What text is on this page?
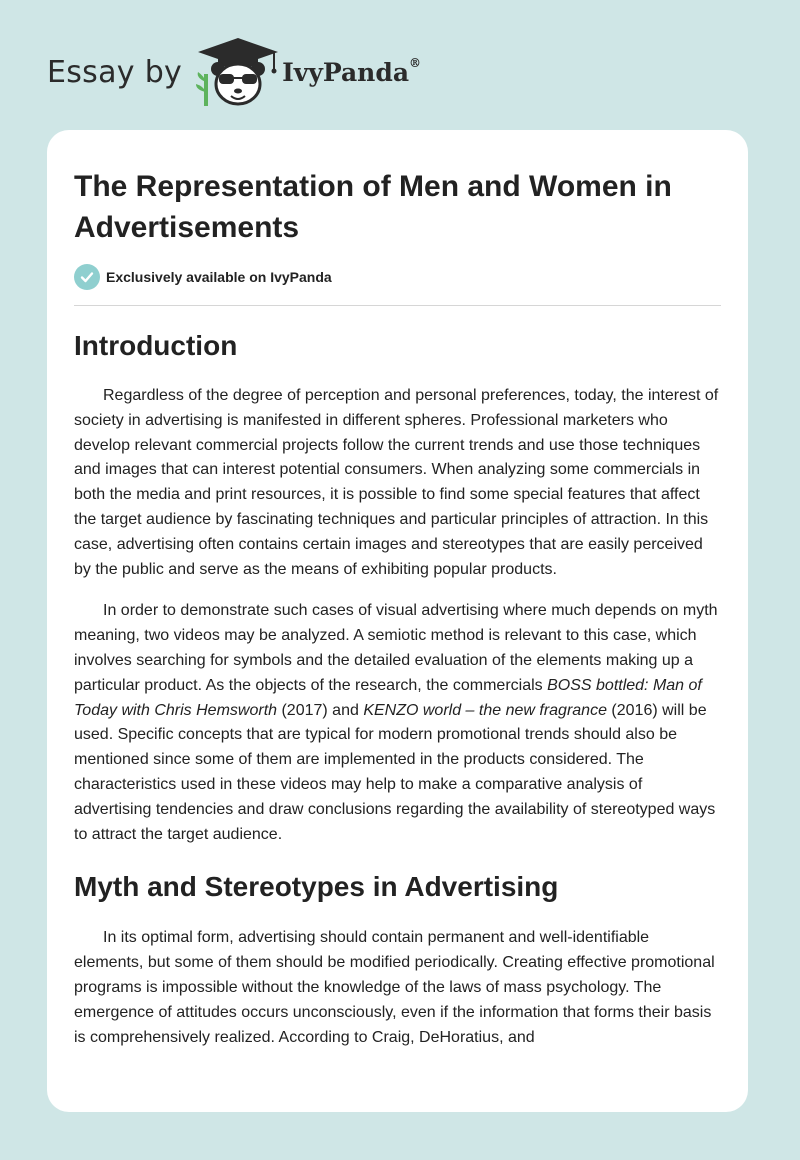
Essay by	IvyPanda®
The Representation of Men and Women in Advertisements
Exclusively available on IvyPanda
Introduction

Regardless of the degree of perception and personal preferences, today, the interest of society in advertising is manifested in different spheres. Professional marketers who develop relevant commercial projects follow the current trends and use those techniques and images that can interest potential consumers. When analyzing some commercials in both the media and print resources, it is possible to find some special features that affect the target audience by fascinating techniques and particular principles of attraction. In this case, advertising often contains certain images and stereotypes that are easily perceived by the public and serve as the means of exhibiting popular products.

In order to demonstrate such cases of visual advertising where much depends on myth meaning, two videos may be analyzed. A semiotic method is relevant to this case, which involves searching for symbols and the detailed evaluation of the elements making up a particular product. As the objects of the research, the commercials BOSS bottled: Man of Today with Chris Hemsworth (2017) and KENZO world – the new fragrance (2016) will be used. Specific concepts that are typical for modern promotional trends should also be mentioned since some of them are implemented in the products considered. The characteristics used in these videos may help to make a comparative analysis of advertising tendencies and draw conclusions regarding the availability of stereotyped ways to attract the target audience.

Myth and Stereotypes in Advertising

In its optimal form, advertising should contain permanent and well-identifiable elements, but some of them should be modified periodically. Creating effective promotional programs is impossible without the knowledge of the laws of mass psychology. The emergence of attitudes occurs unconsciously, even if the information that forms their basis is comprehensively realized. According to Craig, DeHoratius, and
